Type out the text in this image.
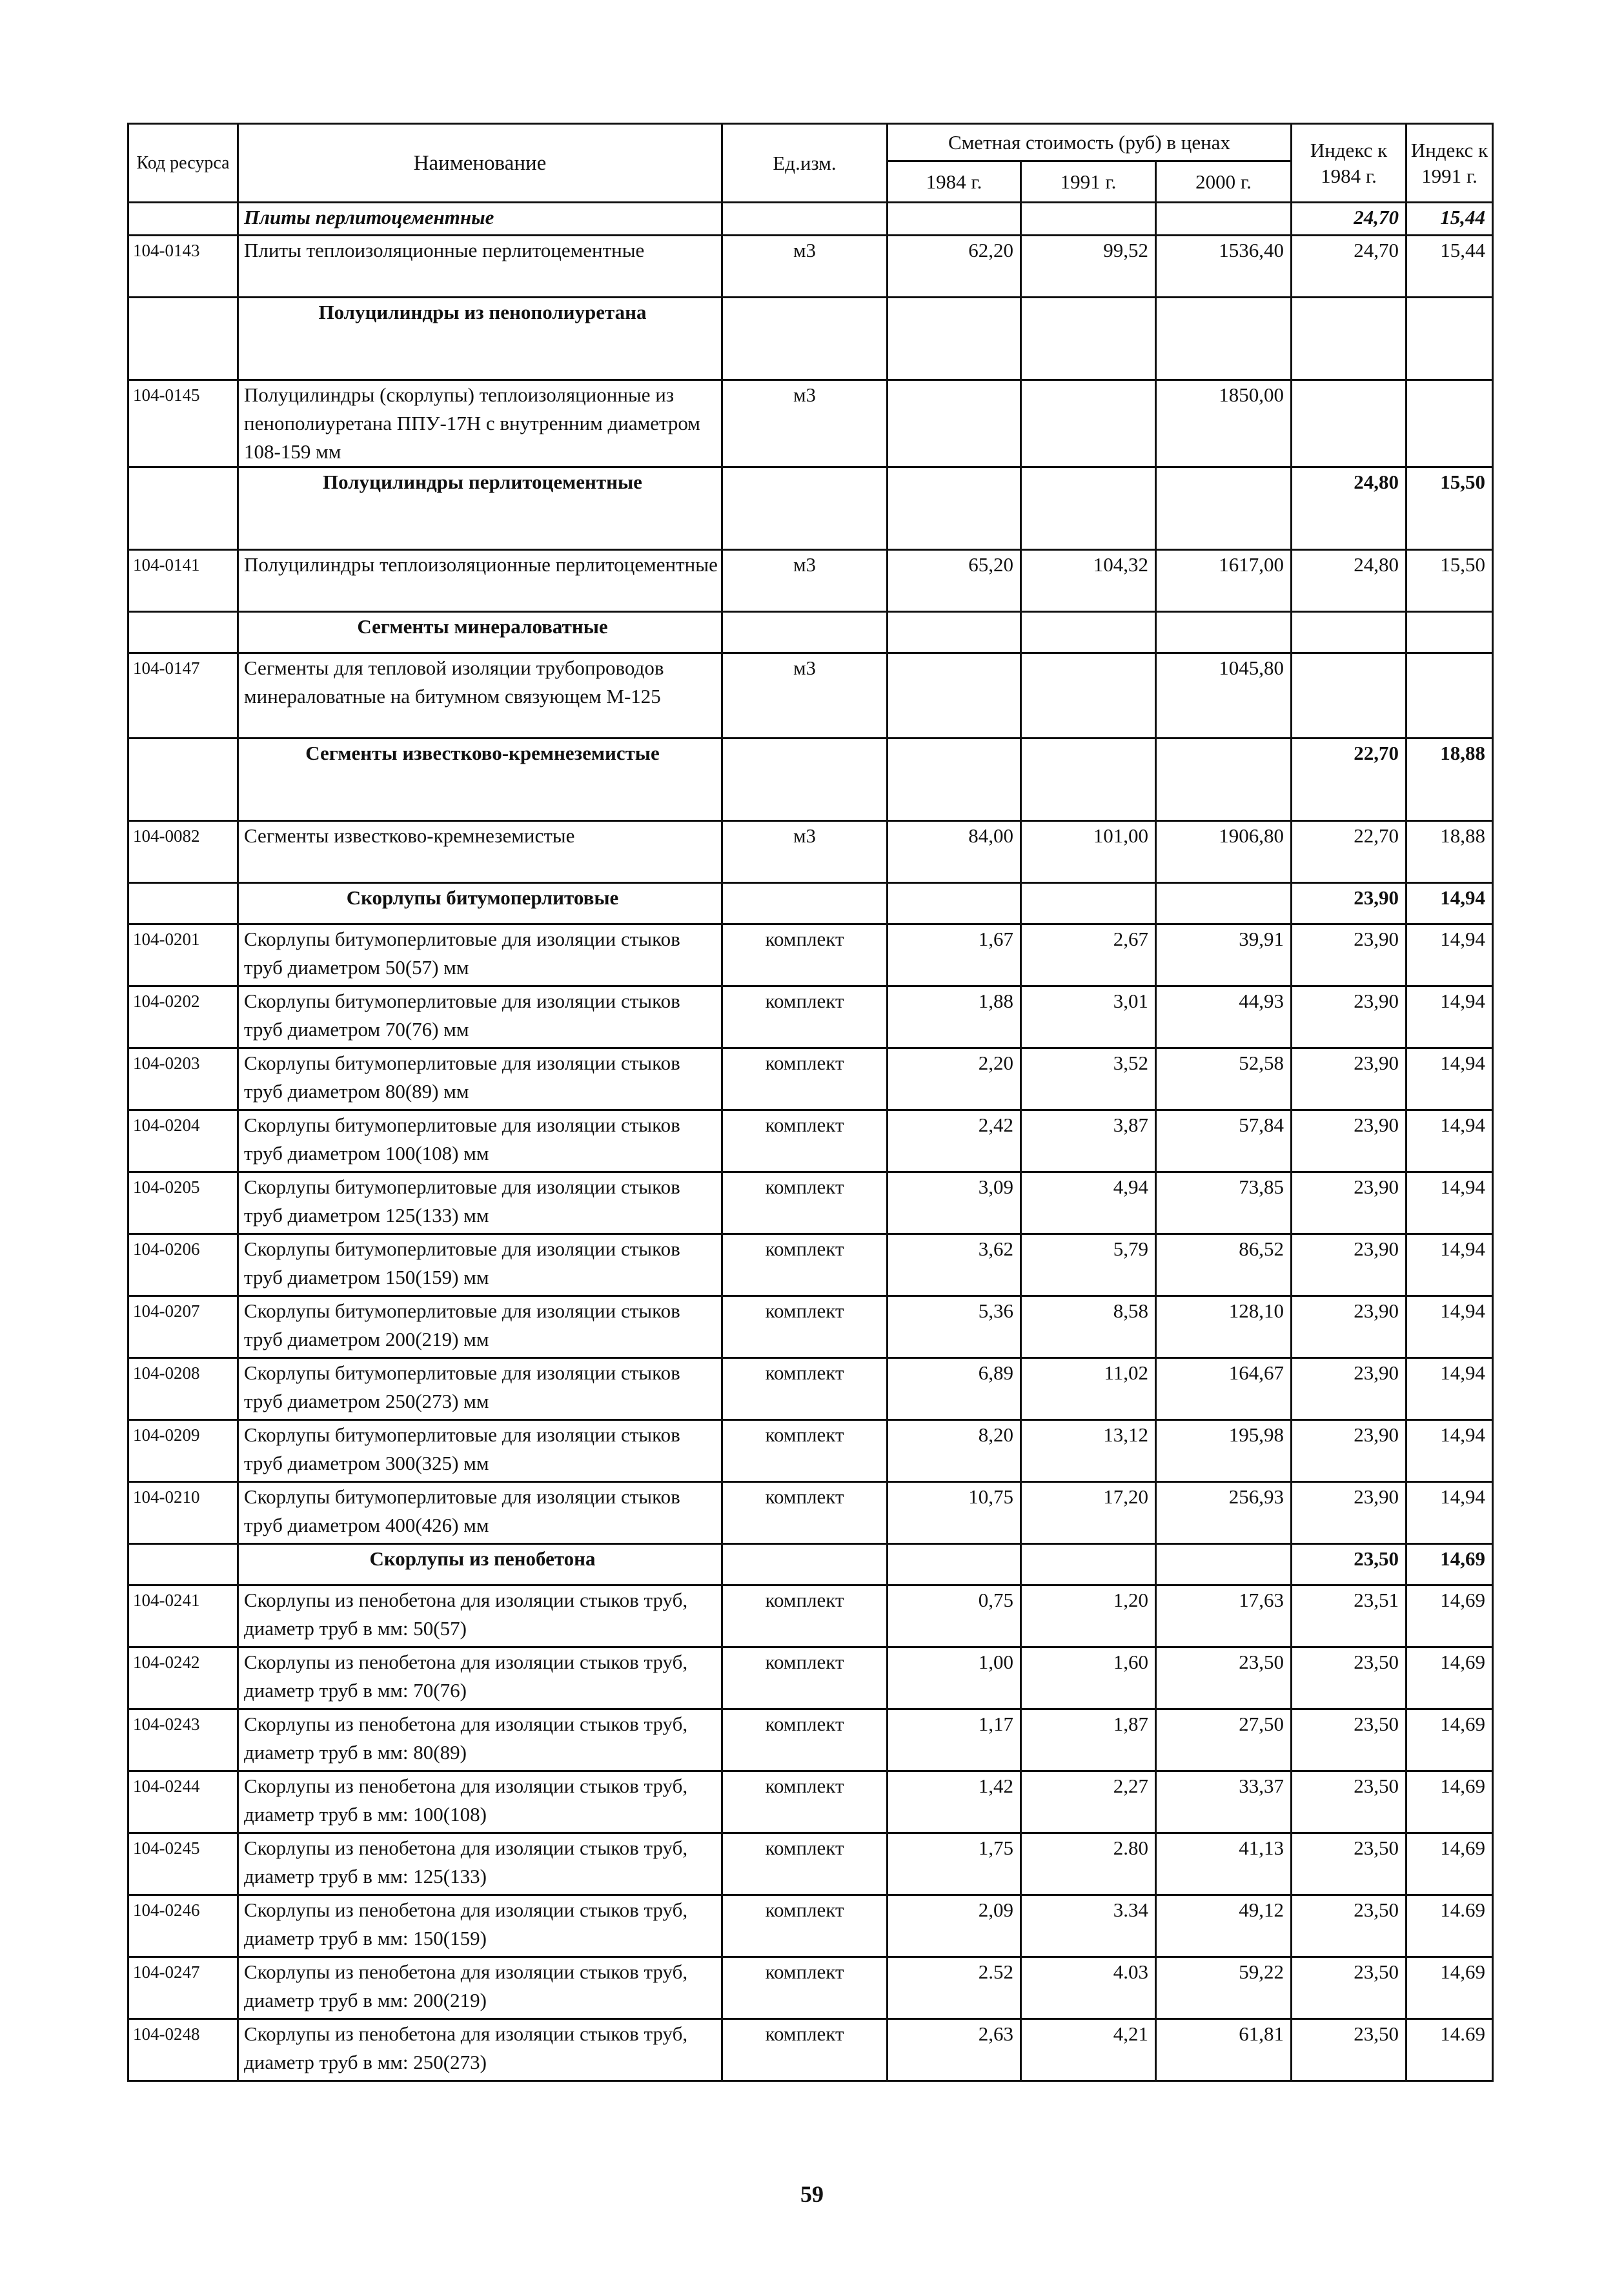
Код ресурса	Наименование	Ед.изм.	Сметная стоимость (руб) в ценах			Индекс к 1984 г.	Индекс к 1991 г.
			1984 г.	1991 г.	2000 г.		
	Плиты перлитоцементные					24,70	15,44
104-0143	Плиты теплоизоляционные перлитоцементные	м3	62,20	99,52	1536,40	24,70	15,44
	Полуцилиндры из пенополиуретана						
104-0145	Полуцилиндры (скорлупы) теплоизоляционные из пенополиуретана ППУ-17Н с внутренним диаметром 108-159 мм	м3			1850,00		
	Полуцилиндры перлитоцементные					24,80	15,50
104-0141	Полуцилиндры теплоизоляционные перлитоцементные	м3	65,20	104,32	1617,00	24,80	15,50
	Сегменты минераловатные						
104-0147	Сегменты для тепловой изоляции трубопроводов минераловатные на битумном связующем М-125	м3			1045,80		
	Сегменты известково-кремнеземистые					22,70	18,88
104-0082	Сегменты известково-кремнеземистые	м3	84,00	101,00	1906,80	22,70	18,88
	Скорлупы битумоперлитовые					23,90	14,94
104-0201	Скорлупы битумоперлитовые для изоляции стыков труб диаметром 50(57) мм	комплект	1,67	2,67	39,91	23,90	14,94
104-0202	Скорлупы битумоперлитовые для изоляции стыков труб диаметром 70(76) мм	комплект	1,88	3,01	44,93	23,90	14,94
104-0203	Скорлупы битумоперлитовые для изоляции стыков труб диаметром 80(89) мм	комплект	2,20	3,52	52,58	23,90	14,94
104-0204	Скорлупы битумоперлитовые для изоляции стыков труб диаметром 100(108) мм	комплект	2,42	3,87	57,84	23,90	14,94
104-0205	Скорлупы битумоперлитовые для изоляции стыков труб диаметром 125(133) мм	комплект	3,09	4,94	73,85	23,90	14,94
104-0206	Скорлупы битумоперлитовые для изоляции стыков труб диаметром 150(159) мм	комплект	3,62	5,79	86,52	23,90	14,94
104-0207	Скорлупы битумоперлитовые для изоляции стыков труб диаметром 200(219) мм	комплект	5,36	8,58	128,10	23,90	14,94
104-0208	Скорлупы битумоперлитовые для изоляции стыков труб диаметром 250(273) мм	комплект	6,89	11,02	164,67	23,90	14,94
104-0209	Скорлупы битумоперлитовые для изоляции стыков труб диаметром 300(325) мм	комплект	8,20	13,12	195,98	23,90	14,94
104-0210	Скорлупы битумоперлитовые для изоляции стыков труб диаметром 400(426) мм	комплект	10,75	17,20	256,93	23,90	14,94
	Скорлупы из пенобетона					23,50	14,69
104-0241	Скорлупы из пенобетона для изоляции стыков труб, диаметр труб в мм: 50(57)	комплект	0,75	1,20	17,63	23,51	14,69
104-0242	Скорлупы из пенобетона для изоляции стыков труб, диаметр труб в мм: 70(76)	комплект	1,00	1,60	23,50	23,50	14,69
104-0243	Скорлупы из пенобетона для изоляции стыков труб, диаметр труб в мм: 80(89)	комплект	1,17	1,87	27,50	23,50	14,69
104-0244	Скорлупы из пенобетона для изоляции стыков труб, диаметр труб в мм: 100(108)	комплект	1,42	2,27	33,37	23,50	14,69
104-0245	Скорлупы из пенобетона для изоляции стыков труб, диаметр труб в мм: 125(133)	комплект	1,75	2.80	41,13	23,50	14,69
104-0246	Скорлупы из пенобетона для изоляции стыков труб, диаметр труб в мм: 150(159)	комплект	2,09	3.34	49,12	23,50	14.69
104-0247	Скорлупы из пенобетона для изоляции стыков труб, диаметр труб в мм: 200(219)	комплект	2.52	4.03	59,22	23,50	14,69
104-0248	Скорлупы из пенобетона для изоляции стыков труб, диаметр труб в мм: 250(273)	комплект	2,63	4,21	61,81	23,50	14.69
59
